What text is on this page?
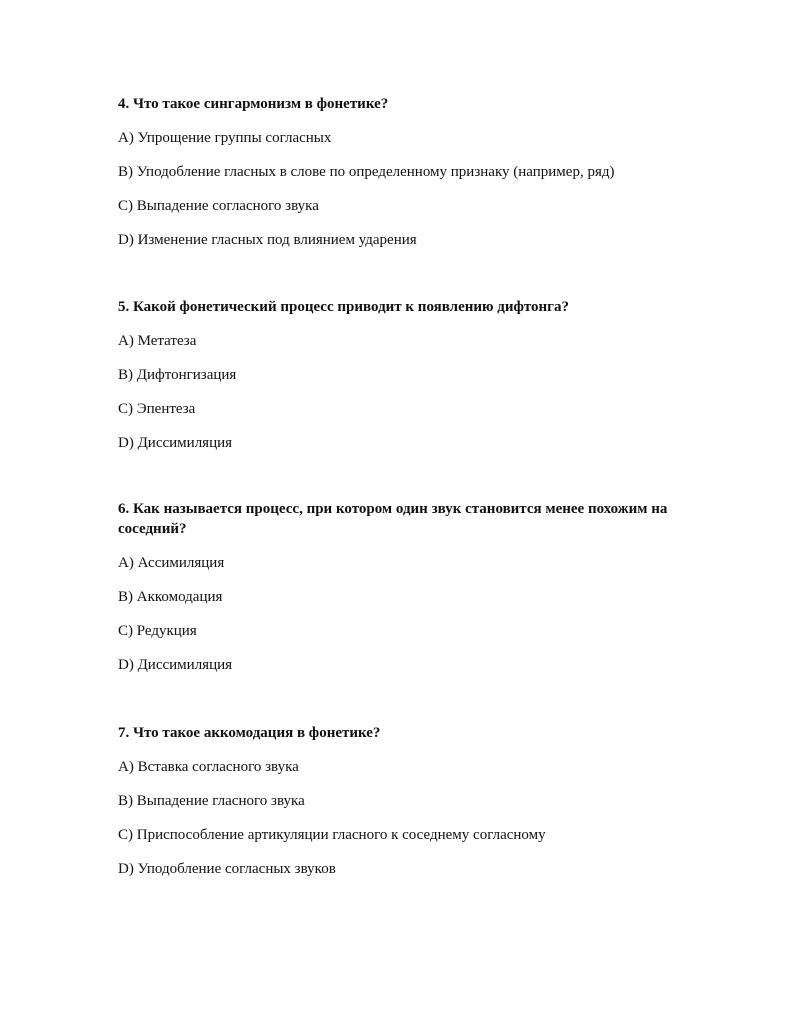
4. Что такое сингармонизм в фонетике?

A) Упрощение группы согласных

B) Уподобление гласных в слове по определенному признаку (например, ряд)

C) Выпадение согласного звука

D) Изменение гласных под влиянием ударения

5. Какой фонетический процесс приводит к появлению дифтонга?

A) Метатеза

B) Дифтонгизация

C) Эпентеза

D) Диссимиляция

6. Как называется процесс, при котором один звук становится менее похожим на соседний?

A) Ассимиляция

B) Аккомодация

C) Редукция

D) Диссимиляция

7. Что такое аккомодация в фонетике?

A) Вставка согласного звука

B) Выпадение гласного звука

C) Приспособление артикуляции гласного к соседнему согласному

D) Уподобление согласных звуков
